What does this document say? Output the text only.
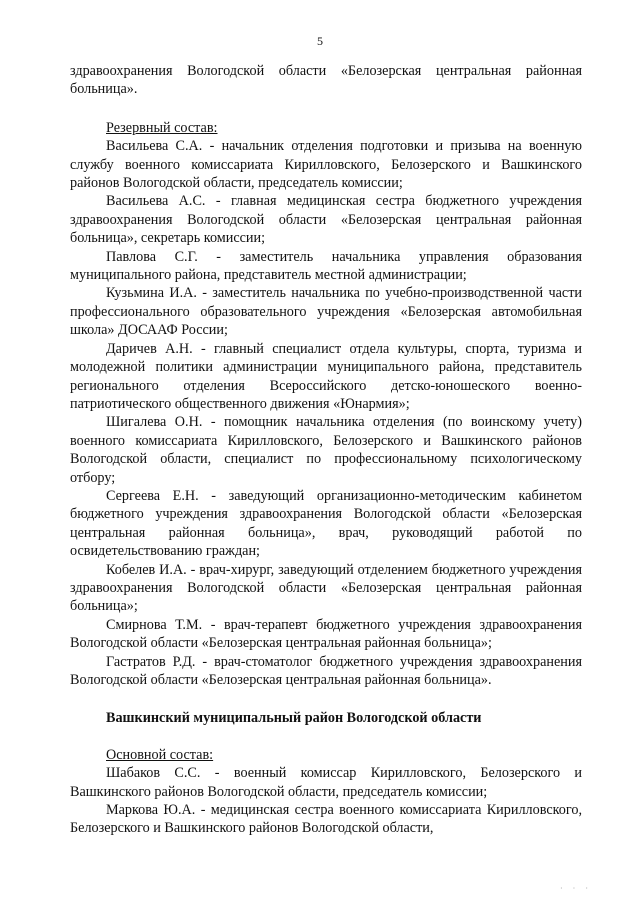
5

здравоохранения Вологодской области «Белозерская центральная районная больница».

Резервный состав:

Васильева С.А. - начальник отделения подготовки и призыва на военную службу военного комиссариата Кирилловского, Белозерского и Вашкинского районов Вологодской области, председатель комиссии;

Васильева А.С. - главная медицинская сестра бюджетного учреждения здравоохранения Вологодской области «Белозерская центральная районная больница», секретарь комиссии;

Павлова С.Г. - заместитель начальника управления образования муниципального района, представитель местной администрации;

Кузьмина И.А. - заместитель начальника по учебно-производственной части профессионального образовательного учреждения «Белозерская автомобильная школа» ДОСААФ России;

Даричев А.Н. - главный специалист отдела культуры, спорта, туризма и молодежной политики администрации муниципального района, представитель регионального отделения Всероссийского детско-юношеского военно-патриотического общественного движения «Юнармия»;

Шигалева О.Н. - помощник начальника отделения (по воинскому учету) военного комиссариата Кирилловского, Белозерского и Вашкинского районов Вологодской области, специалист по профессиональному психологическому отбору;

Сергеева Е.Н. - заведующий организационно-методическим кабинетом бюджетного учреждения здравоохранения Вологодской области «Белозерская центральная районная больница», врач, руководящий работой по освидетельствованию граждан;

Кобелев И.А. - врач-хирург, заведующий отделением бюджетного учреждения здравоохранения Вологодской области «Белозерская центральная районная больница»;

Смирнова Т.М. - врач-терапевт бюджетного учреждения здравоохранения Вологодской области «Белозерская центральная районная больница»;

Гастратов Р.Д. - врач-стоматолог бюджетного учреждения здравоохранения Вологодской области «Белозерская центральная районная больница».

Вашкинский муниципальный район Вологодской области

Основной состав:

Шабаков С.С. - военный комиссар Кирилловского, Белозерского и Вашкинского районов Вологодской области, председатель комиссии;

Маркова Ю.А. - медицинская сестра военного комиссариата Кирилловского, Белозерского и Вашкинского районов Вологодской области,

· · ·
